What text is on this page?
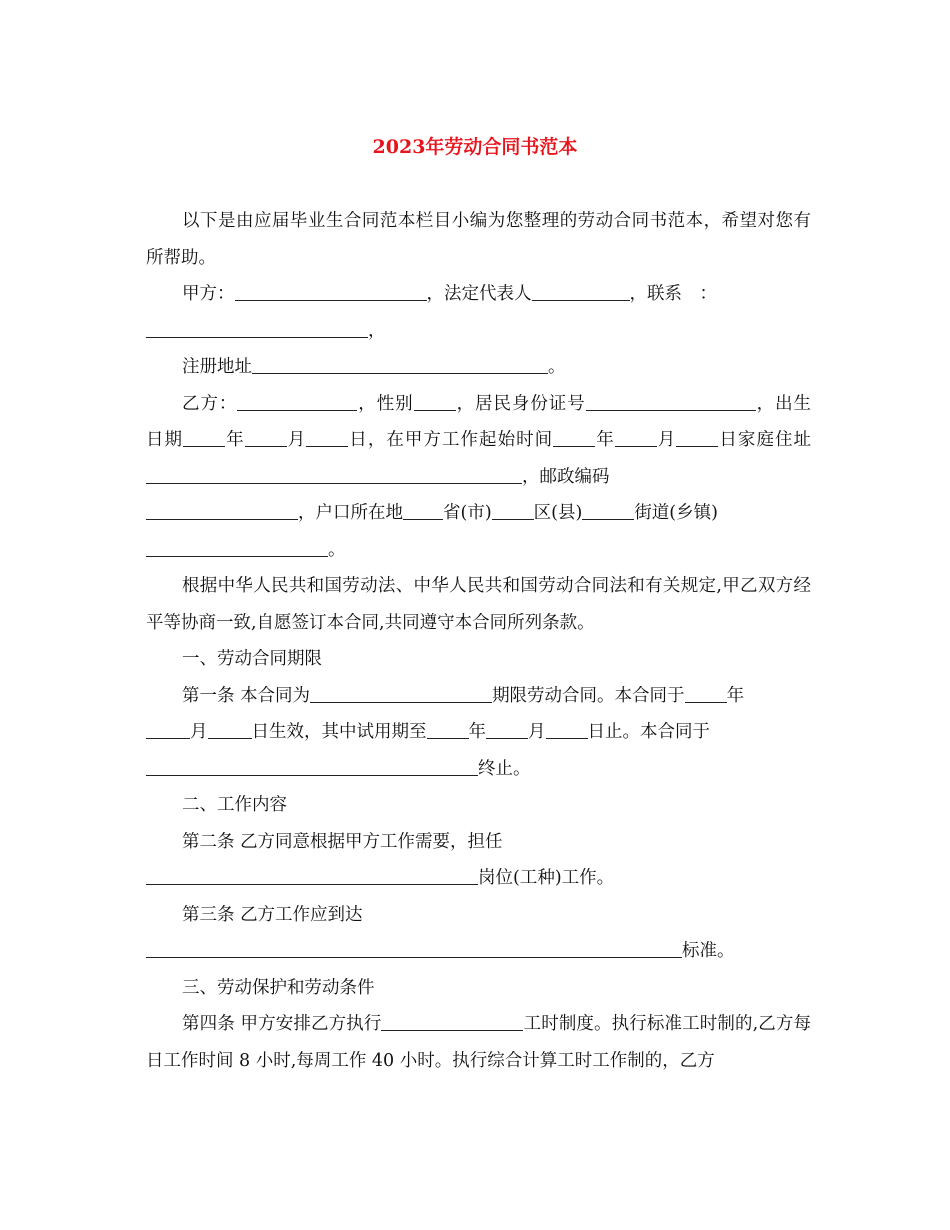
2023年劳动合同书范本

以下是由应届毕业生合同范本栏目小编为您整理的劳动合同书范本，希望对您有所帮助。

甲方：	，法定代表人	，联系　：
，

注册地址	。

乙方：	，性别 ，居民身份证号	，出生日期 年 月 日，在甲方工作起始时间 年 月 日家庭住址，邮政编码
，户口所在地 省(市) 区(县)	街道(乡镇)
。

根据中华人民共和国劳动法、中华人民共和国劳动合同法和有关规定,甲乙双方经平等协商一致,自愿签订本合同,共同遵守本合同所列条款。

一、劳动合同期限

第一条 本合同为	期限劳动合同。本合同于 年
月	日生效，其中试用期至 年 月 日止。本合同于
终止。

二、工作内容

第二条 乙方同意根据甲方工作需要，担任
岗位(工种)工作。

第三条 乙方工作应到达
标准。

三、劳动保护和劳动条件

第四条 甲方安排乙方执行	工时制度。执行标准工时制的,乙方每日工作时间 8 小时,每周工作 40 小时。执行综合计算工时工作制的，乙方
